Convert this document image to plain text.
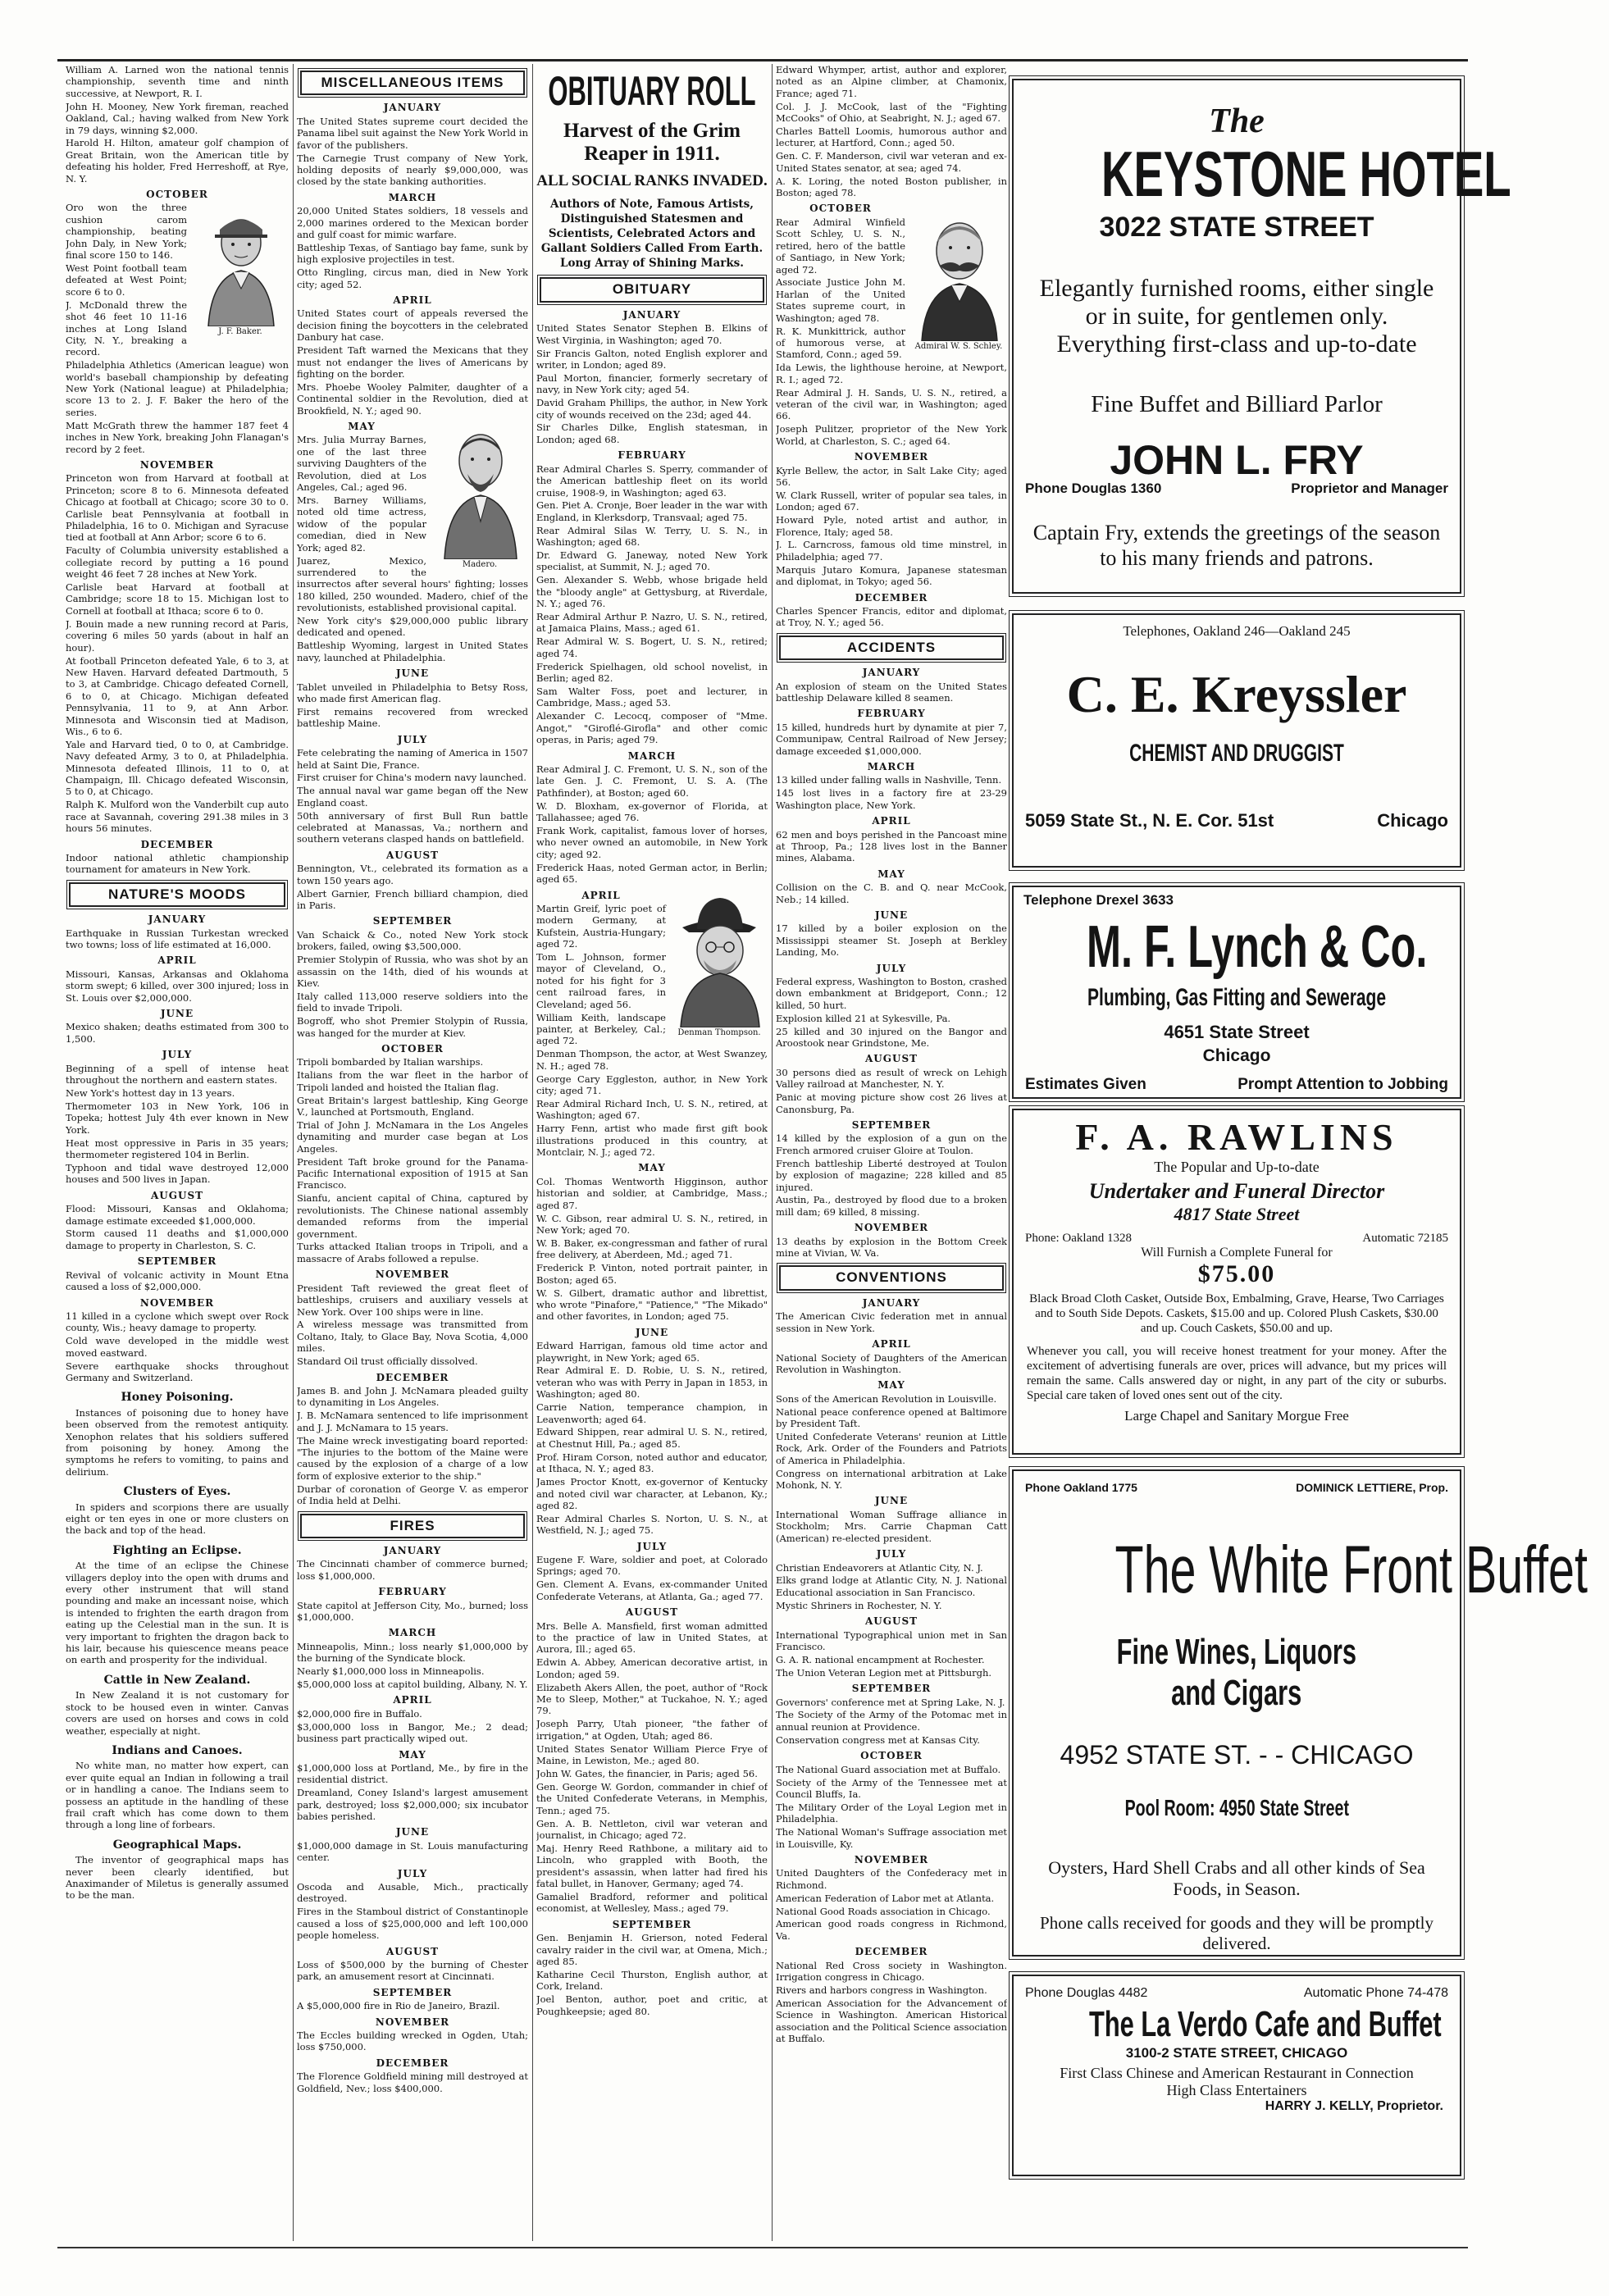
William A. Larned won the national tennis championship, seventh time and ninth successive, at Newport, R. I.

John H. Mooney, New York fireman, reached Oakland, Cal.; having walked from New York in 79 days, winning $2,000.

Harold H. Hilton, amateur golf champion of Great Britain, won the American title by defeating his holder, Fred Herreshoff, at Rye, N. Y.

OCTOBER
J. F. Baker.

Oro won the three cushion carom championship, beating John Daly, in New York; final score 150 to 146.

West Point football team defeated at West Point; score 6 to 0.

J. McDonald threw the shot 46 feet 10 11-16 inches at Long Island City, N. Y., breaking a record.

Philadelphia Athletics (American league) won world's baseball championship by defeating New York (National league) at Philadelphia; score 13 to 2. J. F. Baker the hero of the series.

Matt McGrath threw the hammer 187 feet 4 inches in New York, breaking John Flanagan's record by 2 feet.

NOVEMBER

Princeton won from Harvard at football at Princeton; score 8 to 6. Minnesota defeated Chicago at football at Chicago; score 30 to 0. Carlisle beat Pennsylvania at football in Philadelphia, 16 to 0. Michigan and Syracuse tied at football at Ann Arbor; score 6 to 6.

Faculty of Columbia university established a collegiate record by putting a 16 pound weight 46 feet 7 28 inches at New York.

Carlisle beat Harvard at football at Cambridge; score 18 to 15. Michigan lost to Cornell at football at Ithaca; score 6 to 0.

J. Bouin made a new running record at Paris, covering 6 miles 50 yards (about in half an hour).

At football Princeton defeated Yale, 6 to 3, at New Haven. Harvard defeated Dartmouth, 5 to 3, at Cambridge. Chicago defeated Cornell, 6 to 0, at Chicago. Michigan defeated Pennsylvania, 11 to 9, at Ann Arbor. Minnesota and Wisconsin tied at Madison, Wis., 6 to 6.

Yale and Harvard tied, 0 to 0, at Cambridge. Navy defeated Army, 3 to 0, at Philadelphia. Minnesota defeated Illinois, 11 to 0, at Champaign, Ill. Chicago defeated Wisconsin, 5 to 0, at Chicago.

Ralph K. Mulford won the Vanderbilt cup auto race at Savannah, covering 291.38 miles in 3 hours 56 minutes.

DECEMBER

Indoor national athletic championship tournament for amateurs in New York.

NATURE'S MOODS
JANUARY

Earthquake in Russian Turkestan wrecked two towns; loss of life estimated at 16,000.

APRIL

Missouri, Kansas, Arkansas and Oklahoma storm swept; 6 killed, over 300 injured; loss in St. Louis over $2,000,000.

JUNE

Mexico shaken; deaths estimated from 300 to 1,500.

JULY

Beginning of a spell of intense heat throughout the northern and eastern states.

New York's hottest day in 13 years.

Thermometer 103 in New York, 106 in Topeka; hottest July 4th ever known in New York.

Heat most oppressive in Paris in 35 years; thermometer registered 104 in Berlin.

Typhoon and tidal wave destroyed 12,000 houses and 500 lives in Japan.

AUGUST

Flood: Missouri, Kansas and Oklahoma; damage estimate exceeded $1,000,000.

Storm caused 11 deaths and $1,000,000 damage to property in Charleston, S. C.

SEPTEMBER

Revival of volcanic activity in Mount Etna caused a loss of $2,000,000.

NOVEMBER

11 killed in a cyclone which swept over Rock county, Wis.; heavy damage to property.

Cold wave developed in the middle west moved eastward.

Severe earthquake shocks throughout Germany and Switzerland.

Honey Poisoning.

Instances of poisoning due to honey have been observed from the remotest antiquity. Xenophon relates that his soldiers suffered from poisoning by honey. Among the symptoms he refers to vomiting, to pains and delirium.

Clusters of Eyes.

In spiders and scorpions there are usually eight or ten eyes in one or more clusters on the back and top of the head.

Fighting an Eclipse.

At the time of an eclipse the Chinese villagers deploy into the open with drums and every other instrument that will stand pounding and make an incessant noise, which is intended to frighten the earth dragon from eating up the Celestial man in the sun. It is very important to frighten the dragon back to his lair, because his quiescence means peace on earth and prosperity for the individual.

Cattle in New Zealand.

In New Zealand it is not customary for stock to be housed even in winter. Canvas covers are used on horses and cows in cold weather, especially at night.

Indians and Canoes.

No white man, no matter how expert, can ever quite equal an Indian in following a trail or in handling a canoe. The Indians seem to possess an aptitude in the handling of these frail craft which has come down to them through a long line of forbears.

Geographical Maps.

The inventor of geographical maps has never been clearly identified, but Anaximander of Miletus is generally assumed to be the man.

MISCELLANEOUS ITEMS
JANUARY

The United States supreme court decided the Panama libel suit against the New York World in favor of the publishers.

The Carnegie Trust company of New York, holding deposits of nearly $9,000,000, was closed by the state banking authorities.

MARCH

20,000 United States soldiers, 18 vessels and 2,000 marines ordered to the Mexican border and gulf coast for mimic warfare.

Battleship Texas, of Santiago bay fame, sunk by high explosive projectiles in test.

Otto Ringling, circus man, died in New York city; aged 52.

APRIL

United States court of appeals reversed the decision fining the boycotters in the celebrated Danbury hat case.

President Taft warned the Mexicans that they must not endanger the lives of Americans by fighting on the border.

Mrs. Phoebe Wooley Palmiter, daughter of a Continental soldier in the Revolution, died at Brookfield, N. Y.; aged 90.

Madero.
MAY

Mrs. Julia Murray Barnes, one of the last three surviving Daughters of the Revolution, died at Los Angeles, Cal.; aged 96.

Mrs. Barney Williams, noted old time actress, widow of the popular comedian, died in New York; aged 82.

Juarez, Mexico, surrendered to the insurrectos after several hours' fighting; losses 180 killed, 250 wounded. Madero, chief of the revolutionists, established provisional capital.

New York city's $29,000,000 public library dedicated and opened.

Battleship Wyoming, largest in United States navy, launched at Philadelphia.

JUNE

Tablet unveiled in Philadelphia to Betsy Ross, who made first American flag.

First remains recovered from wrecked battleship Maine.

JULY

Fete celebrating the naming of America in 1507 held at Saint Die, France.

First cruiser for China's modern navy launched.

The annual naval war game began off the New England coast.

50th anniversary of first Bull Run battle celebrated at Manassas, Va.; northern and southern veterans clasped hands on battlefield.

AUGUST

Bennington, Vt., celebrated its formation as a town 150 years ago.

Albert Garnier, French billiard champion, died in Paris.

SEPTEMBER

Van Schaick & Co., noted New York stock brokers, failed, owing $3,500,000.

Premier Stolypin of Russia, who was shot by an assassin on the 14th, died of his wounds at Kiev.

Italy called 113,000 reserve soldiers into the field to invade Tripoli.

Bogroff, who shot Premier Stolypin of Russia, was hanged for the murder at Kiev.

OCTOBER

Tripoli bombarded by Italian warships.

Italians from the war fleet in the harbor of Tripoli landed and hoisted the Italian flag.

Great Britain's largest battleship, King George V., launched at Portsmouth, England.

Trial of John J. McNamara in the Los Angeles dynamiting and murder case began at Los Angeles.

President Taft broke ground for the Panama-Pacific International exposition of 1915 at San Francisco.

Sianfu, ancient capital of China, captured by revolutionists. The Chinese national assembly demanded reforms from the imperial government.

Turks attacked Italian troops in Tripoli, and a massacre of Arabs followed a repulse.

NOVEMBER

President Taft reviewed the great fleet of battleships, cruisers and auxiliary vessels at New York. Over 100 ships were in line.

A wireless message was transmitted from Coltano, Italy, to Glace Bay, Nova Scotia, 4,000 miles.

Standard Oil trust officially dissolved.

DECEMBER

James B. and John J. McNamara pleaded guilty to dynamiting in Los Angeles.

J. B. McNamara sentenced to life imprisonment and J. J. McNamara to 15 years.

The Maine wreck investigating board reported: "The injuries to the bottom of the Maine were caused by the explosion of a charge of a low form of explosive exterior to the ship."

Durbar of coronation of George V. as emperor of India held at Delhi.

FIRES
JANUARY

The Cincinnati chamber of commerce burned; loss $1,000,000.

FEBRUARY

State capitol at Jefferson City, Mo., burned; loss $1,000,000.

MARCH

Minneapolis, Minn.; loss nearly $1,000,000 by the burning of the Syndicate block.

Nearly $1,000,000 loss in Minneapolis.

$5,000,000 loss at capitol building, Albany, N. Y.

APRIL

$2,000,000 fire in Buffalo.

$3,000,000 loss in Bangor, Me.; 2 dead; business part practically wiped out.

MAY

$1,000,000 loss at Portland, Me., by fire in the residential district.

Dreamland, Coney Island's largest amusement park, destroyed; loss $2,000,000; six incubator babies perished.

JUNE

$1,000,000 damage in St. Louis manufacturing center.

JULY

Oscoda and Ausable, Mich., practically destroyed.

Fires in the Stamboul district of Constantinople caused a loss of $25,000,000 and left 100,000 people homeless.

AUGUST

Loss of $500,000 by the burning of Chester park, an amusement resort at Cincinnati.

SEPTEMBER

A $5,000,000 fire in Rio de Janeiro, Brazil.

NOVEMBER

The Eccles building wrecked in Ogden, Utah; loss $750,000.

DECEMBER

The Florence Goldfield mining mill destroyed at Goldfield, Nev.; loss $400,000.

OBITUARY ROLL
Harvest of the Grim Reaper in 1911.
ALL SOCIAL RANKS INVADED.
Authors of Note, Famous Artists, Distinguished Statesmen and Scientists, Celebrated Actors and Gallant Soldiers Called From Earth. Long Array of Shining Marks.
OBITUARY
JANUARY

United States Senator Stephen B. Elkins of West Virginia, in Washington; aged 70.

Sir Francis Galton, noted English explorer and writer, in London; aged 89.

Paul Morton, financier, formerly secretary of navy, in New York city; aged 54.

David Graham Phillips, the author, in New York city of wounds received on the 23d; aged 44.

Sir Charles Dilke, English statesman, in London; aged 68.

FEBRUARY

Rear Admiral Charles S. Sperry, commander of the American battleship fleet on its world cruise, 1908-9, in Washington; aged 63.

Gen. Piet A. Cronje, Boer leader in the war with England, in Klerksdorp, Transvaal; aged 75.

Rear Admiral Silas W. Terry, U. S. N., in Washington; aged 68.

Dr. Edward G. Janeway, noted New York specialist, at Summit, N. J.; aged 70.

Gen. Alexander S. Webb, whose brigade held the "bloody angle" at Gettysburg, at Riverdale, N. Y.; aged 76.

Rear Admiral Arthur P. Nazro, U. S. N., retired, at Jamaica Plains, Mass.; aged 61.

Rear Admiral W. S. Bogert, U. S. N., retired; aged 74.

Frederick Spielhagen, old school novelist, in Berlin; aged 82.

Sam Walter Foss, poet and lecturer, in Cambridge, Mass.; aged 53.

Alexander C. Lecocq, composer of "Mme. Angot," "Giroflé-Girofla" and other comic operas, in Paris; aged 79.

MARCH

Rear Admiral J. C. Fremont, U. S. N., son of the late Gen. J. C. Fremont, U. S. A. (The Pathfinder), at Boston; aged 60.

W. D. Bloxham, ex-governor of Florida, at Tallahassee; aged 76.

Frank Work, capitalist, famous lover of horses, who never owned an automobile, in New York city; aged 92.

Frederick Haas, noted German actor, in Berlin; aged 65.

Denman Thompson.
APRIL

Martin Greif, lyric poet of modern Germany, at Kufstein, Austria-Hungary; aged 72.

Tom L. Johnson, former mayor of Cleveland, O., noted for his fight for 3 cent railroad fares, in Cleveland; aged 56.

William Keith, landscape painter, at Berkeley, Cal.; aged 72.

Denman Thompson, the actor, at West Swanzey, N. H.; aged 78.

George Cary Eggleston, author, in New York city; aged 71.

Rear Admiral Richard Inch, U. S. N., retired, at Washington; aged 67.

Harry Fenn, artist who made first gift book illustrations produced in this country, at Montclair, N. J.; aged 72.

MAY

Col. Thomas Wentworth Higginson, author historian and soldier, at Cambridge, Mass.; aged 87.

W. C. Gibson, rear admiral U. S. N., retired, in New York; aged 70.

W. B. Baker, ex-congressman and father of rural free delivery, at Aberdeen, Md.; aged 71.

Frederick P. Vinton, noted portrait painter, in Boston; aged 65.

W. S. Gilbert, dramatic author and librettist, who wrote "Pinafore," "Patience," "The Mikado" and other favorites, in London; aged 75.

JUNE

Edward Harrigan, famous old time actor and playwright, in New York; aged 65.

Rear Admiral E. D. Robie, U. S. N., retired, veteran who was with Perry in Japan in 1853, in Washington; aged 80.

Carrie Nation, temperance champion, in Leavenworth; aged 64.

Edward Shippen, rear admiral U. S. N., retired, at Chestnut Hill, Pa.; aged 85.

Prof. Hiram Corson, noted author and educator, at Ithaca, N. Y.; aged 83.

James Proctor Knott, ex-governor of Kentucky and noted civil war character, at Lebanon, Ky.; aged 82.

Rear Admiral Charles S. Norton, U. S. N., at Westfield, N. J.; aged 75.

JULY

Eugene F. Ware, soldier and poet, at Colorado Springs; aged 70.

Gen. Clement A. Evans, ex-commander United Confederate Veterans, at Atlanta, Ga.; aged 77.

AUGUST

Mrs. Belle A. Mansfield, first woman admitted to the practice of law in United States, at Aurora, Ill.; aged 65.

Edwin A. Abbey, American decorative artist, in London; aged 59.

Elizabeth Akers Allen, the poet, author of "Rock Me to Sleep, Mother," at Tuckahoe, N. Y.; aged 79.

Joseph Parry, Utah pioneer, "the father of irrigation," at Ogden, Utah; aged 86.

United States Senator William Pierce Frye of Maine, in Lewiston, Me.; aged 80.

John W. Gates, the financier, in Paris; aged 56.

Gen. George W. Gordon, commander in chief of the United Confederate Veterans, in Memphis, Tenn.; aged 75.

Gen. A. B. Nettleton, civil war veteran and journalist, in Chicago; aged 72.

Maj. Henry Reed Rathbone, a military aid to Lincoln, who grappled with Booth, the president's assassin, when latter had fired his fatal bullet, in Hanover, Germany; aged 74.

Gamaliel Bradford, reformer and political economist, at Wellesley, Mass.; aged 79.

SEPTEMBER

Gen. Benjamin H. Grierson, noted Federal cavalry raider in the civil war, at Omena, Mich.; aged 85.

Katharine Cecil Thurston, English author, at Cork, Ireland.

Joel Benton, author, poet and critic, at Poughkeepsie; aged 80.

Edward Whymper, artist, author and explorer, noted as an Alpine climber, at Chamonix, France; aged 71.

Col. J. J. McCook, last of the "Fighting McCooks" of Ohio, at Seabright, N. J.; aged 67.

Charles Battell Loomis, humorous author and lecturer, at Hartford, Conn.; aged 50.

Gen. C. F. Manderson, civil war veteran and ex-United States senator, at sea; aged 74.

A. K. Loring, the noted Boston publisher, in Boston; aged 78.

Admiral W. S. Schley.
OCTOBER

Rear Admiral Winfield Scott Schley, U. S. N., retired, hero of the battle of Santiago, in New York; aged 72.

Associate Justice John M. Harlan of the United States supreme court, in Washington; aged 78.

R. K. Munkittrick, author of humorous verse, at Stamford, Conn.; aged 59.

Ida Lewis, the lighthouse heroine, at Newport, R. I.; aged 72.

Rear Admiral J. H. Sands, U. S. N., retired, a veteran of the civil war, in Washington; aged 66.

Joseph Pulitzer, proprietor of the New York World, at Charleston, S. C.; aged 64.

NOVEMBER

Kyrle Bellew, the actor, in Salt Lake City; aged 56.

W. Clark Russell, writer of popular sea tales, in London; aged 67.

Howard Pyle, noted artist and author, in Florence, Italy; aged 58.

J. L. Carncross, famous old time minstrel, in Philadelphia; aged 77.

Marquis Jutaro Komura, Japanese statesman and diplomat, in Tokyo; aged 56.

DECEMBER

Charles Spencer Francis, editor and diplomat, at Troy, N. Y.; aged 56.

ACCIDENTS
JANUARY

An explosion of steam on the United States battleship Delaware killed 8 seamen.

FEBRUARY

15 killed, hundreds hurt by dynamite at pier 7, Communipaw, Central Railroad of New Jersey; damage exceeded $1,000,000.

MARCH

13 killed under falling walls in Nashville, Tenn.

145 lost lives in a factory fire at 23-29 Washington place, New York.

APRIL

62 men and boys perished in the Pancoast mine at Throop, Pa.; 128 lives lost in the Banner mines, Alabama.

MAY

Collision on the C. B. and Q. near McCook, Neb.; 14 killed.

JUNE

17 killed by a boiler explosion on the Mississippi steamer St. Joseph at Berkley Landing, Mo.

JULY

Federal express, Washington to Boston, crashed down embankment at Bridgeport, Conn.; 12 killed, 50 hurt.

Explosion killed 21 at Sykesville, Pa.

25 killed and 30 injured on the Bangor and Aroostook near Grindstone, Me.

AUGUST

30 persons died as result of wreck on Lehigh Valley railroad at Manchester, N. Y.

Panic at moving picture show cost 26 lives at Canonsburg, Pa.

SEPTEMBER

14 killed by the explosion of a gun on the French armored cruiser Gloire at Toulon.

French battleship Liberté destroyed at Toulon by explosion of magazine; 228 killed and 85 injured.

Austin, Pa., destroyed by flood due to a broken mill dam; 69 killed, 8 missing.

NOVEMBER

13 deaths by explosion in the Bottom Creek mine at Vivian, W. Va.

CONVENTIONS
JANUARY

The American Civic federation met in annual session in New York.

APRIL

National Society of Daughters of the American Revolution in Washington.

MAY

Sons of the American Revolution in Louisville.

National peace conference opened at Baltimore by President Taft.

United Confederate Veterans' reunion at Little Rock, Ark. Order of the Founders and Patriots of America in Philadelphia.

Congress on international arbitration at Lake Mohonk, N. Y.

JUNE

International Woman Suffrage alliance in Stockholm; Mrs. Carrie Chapman Catt (American) re-elected president.

JULY

Christian Endeavorers at Atlantic City, N. J.

Elks grand lodge at Atlantic City, N. J. National Educational association in San Francisco.

Mystic Shriners in Rochester, N. Y.

AUGUST

International Typographical union met in San Francisco.

G. A. R. national encampment at Rochester.

The Union Veteran Legion met at Pittsburgh.

SEPTEMBER

Governors' conference met at Spring Lake, N. J.

The Society of the Army of the Potomac met in annual reunion at Providence.

Conservation congress met at Kansas City.

OCTOBER

The National Guard association met at Buffalo.

Society of the Army of the Tennessee met at Council Bluffs, Ia.

The Military Order of the Loyal Legion met in Philadelphia.

The National Woman's Suffrage association met in Louisville, Ky.

NOVEMBER

United Daughters of the Confederacy met in Richmond.

American Federation of Labor met at Atlanta.

National Good Roads association in Chicago.

American good roads congress in Richmond, Va.

DECEMBER

National Red Cross society in Washington. Irrigation congress in Chicago.

Rivers and harbors congress in Washington.

American Association for the Advancement of Science in Washington. American Historical association and the Political Science association at Buffalo.

The
KEYSTONE HOTEL
3022 STATE STREET
Elegantly furnished rooms, either single or in suite, for gentlemen only. Everything first-class and up-to-date
Fine Buffet and Billiard Parlor
JOHN L. FRY
Phone Douglas 1360	Proprietor and Manager
Captain Fry, extends the greetings of the season to his many friends and patrons.
Telephones, Oakland 246—Oakland 245
C. E. Kreyssler
CHEMIST AND DRUGGIST
5059 State St., N. E. Cor. 51st	Chicago
Telephone Drexel 3633
M. F. Lynch & Co.
Plumbing, Gas Fitting and Sewerage
4651 State Street
Chicago
Estimates Given	Prompt Attention to Jobbing
F. A. RAWLINS
The Popular and Up-to-date
Undertaker and Funeral Director
4817 State Street
Phone: Oakland 1328	Automatic 72185
Will Furnish a Complete Funeral for
$75.00
Black Broad Cloth Casket, Outside Box, Embalming, Grave, Hearse, Two Carriages and to South Side Depots. Caskets, $15.00 and up. Colored Plush Caskets, $30.00 and up. Couch Caskets, $50.00 and up.
Whenever you call, you will receive honest treatment for your money. After the excitement of advertising funerals are over, prices will advance, but my prices will remain the same. Calls answered day or night, in any part of the city or suburbs. Special care taken of loved ones sent out of the city.
Large Chapel and Sanitary Morgue Free
Phone Oakland 1775	DOMINICK LETTIERE, Prop.
The White Front Buffet
Fine Wines, Liquors
and Cigars
4952 STATE ST. - - CHICAGO
Pool Room: 4950 State Street
Oysters, Hard Shell Crabs and all other kinds of Sea Foods, in Season.
Phone calls received for goods and they will be promptly delivered.
Phone Douglas 4482	Automatic Phone 74-478
The La Verdo Cafe and Buffet
3100-2 STATE STREET, CHICAGO
First Class Chinese and American Restaurant in Connection
High Class Entertainers
HARRY J. KELLY, Proprietor.
